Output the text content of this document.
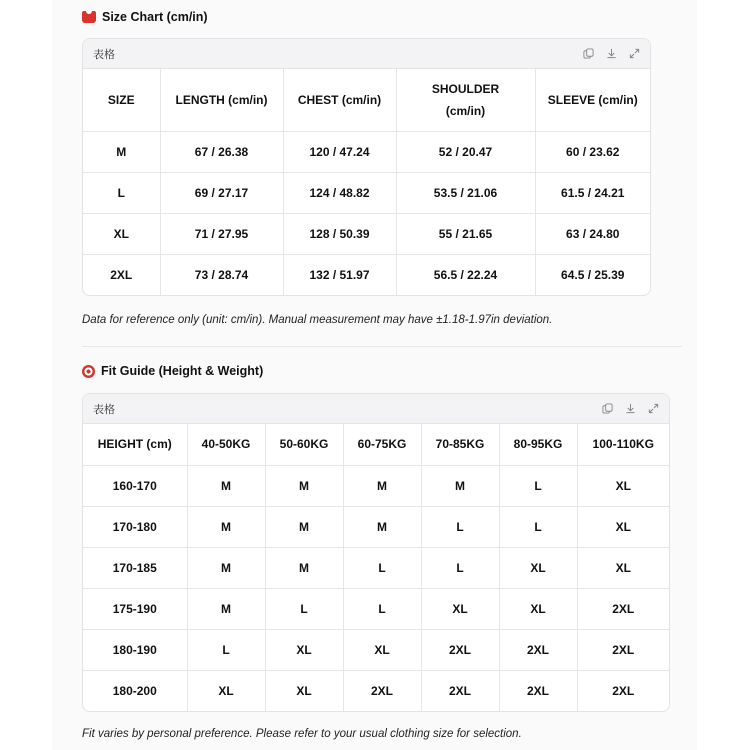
Size Chart (cm/in)
表格
SIZE	LENGTH (cm/in)	CHEST (cm/in)	SHOULDER (cm/in)	SLEEVE (cm/in)
M	67 / 26.38	120 / 47.24	52 / 20.47	60 / 23.62
L	69 / 27.17	124 / 48.82	53.5 / 21.06	61.5 / 24.21
XL	71 / 27.95	128 / 50.39	55 / 21.65	63 / 24.80
2XL	73 / 28.74	132 / 51.97	56.5 / 22.24	64.5 / 25.39
Data for reference only (unit: cm/in). Manual measurement may have ±1.18-1.97in deviation.
Fit Guide (Height & Weight)
表格
HEIGHT (cm)	40-50KG	50-60KG	60-75KG	70-85KG	80-95KG	100-110KG
160-170	M	M	M	M	L	XL
170-180	M	M	M	L	L	XL
170-185	M	M	L	L	XL	XL
175-190	M	L	L	XL	XL	2XL
180-190	L	XL	XL	2XL	2XL	2XL
180-200	XL	XL	2XL	2XL	2XL	2XL
Fit varies by personal preference. Please refer to your usual clothing size for selection.
